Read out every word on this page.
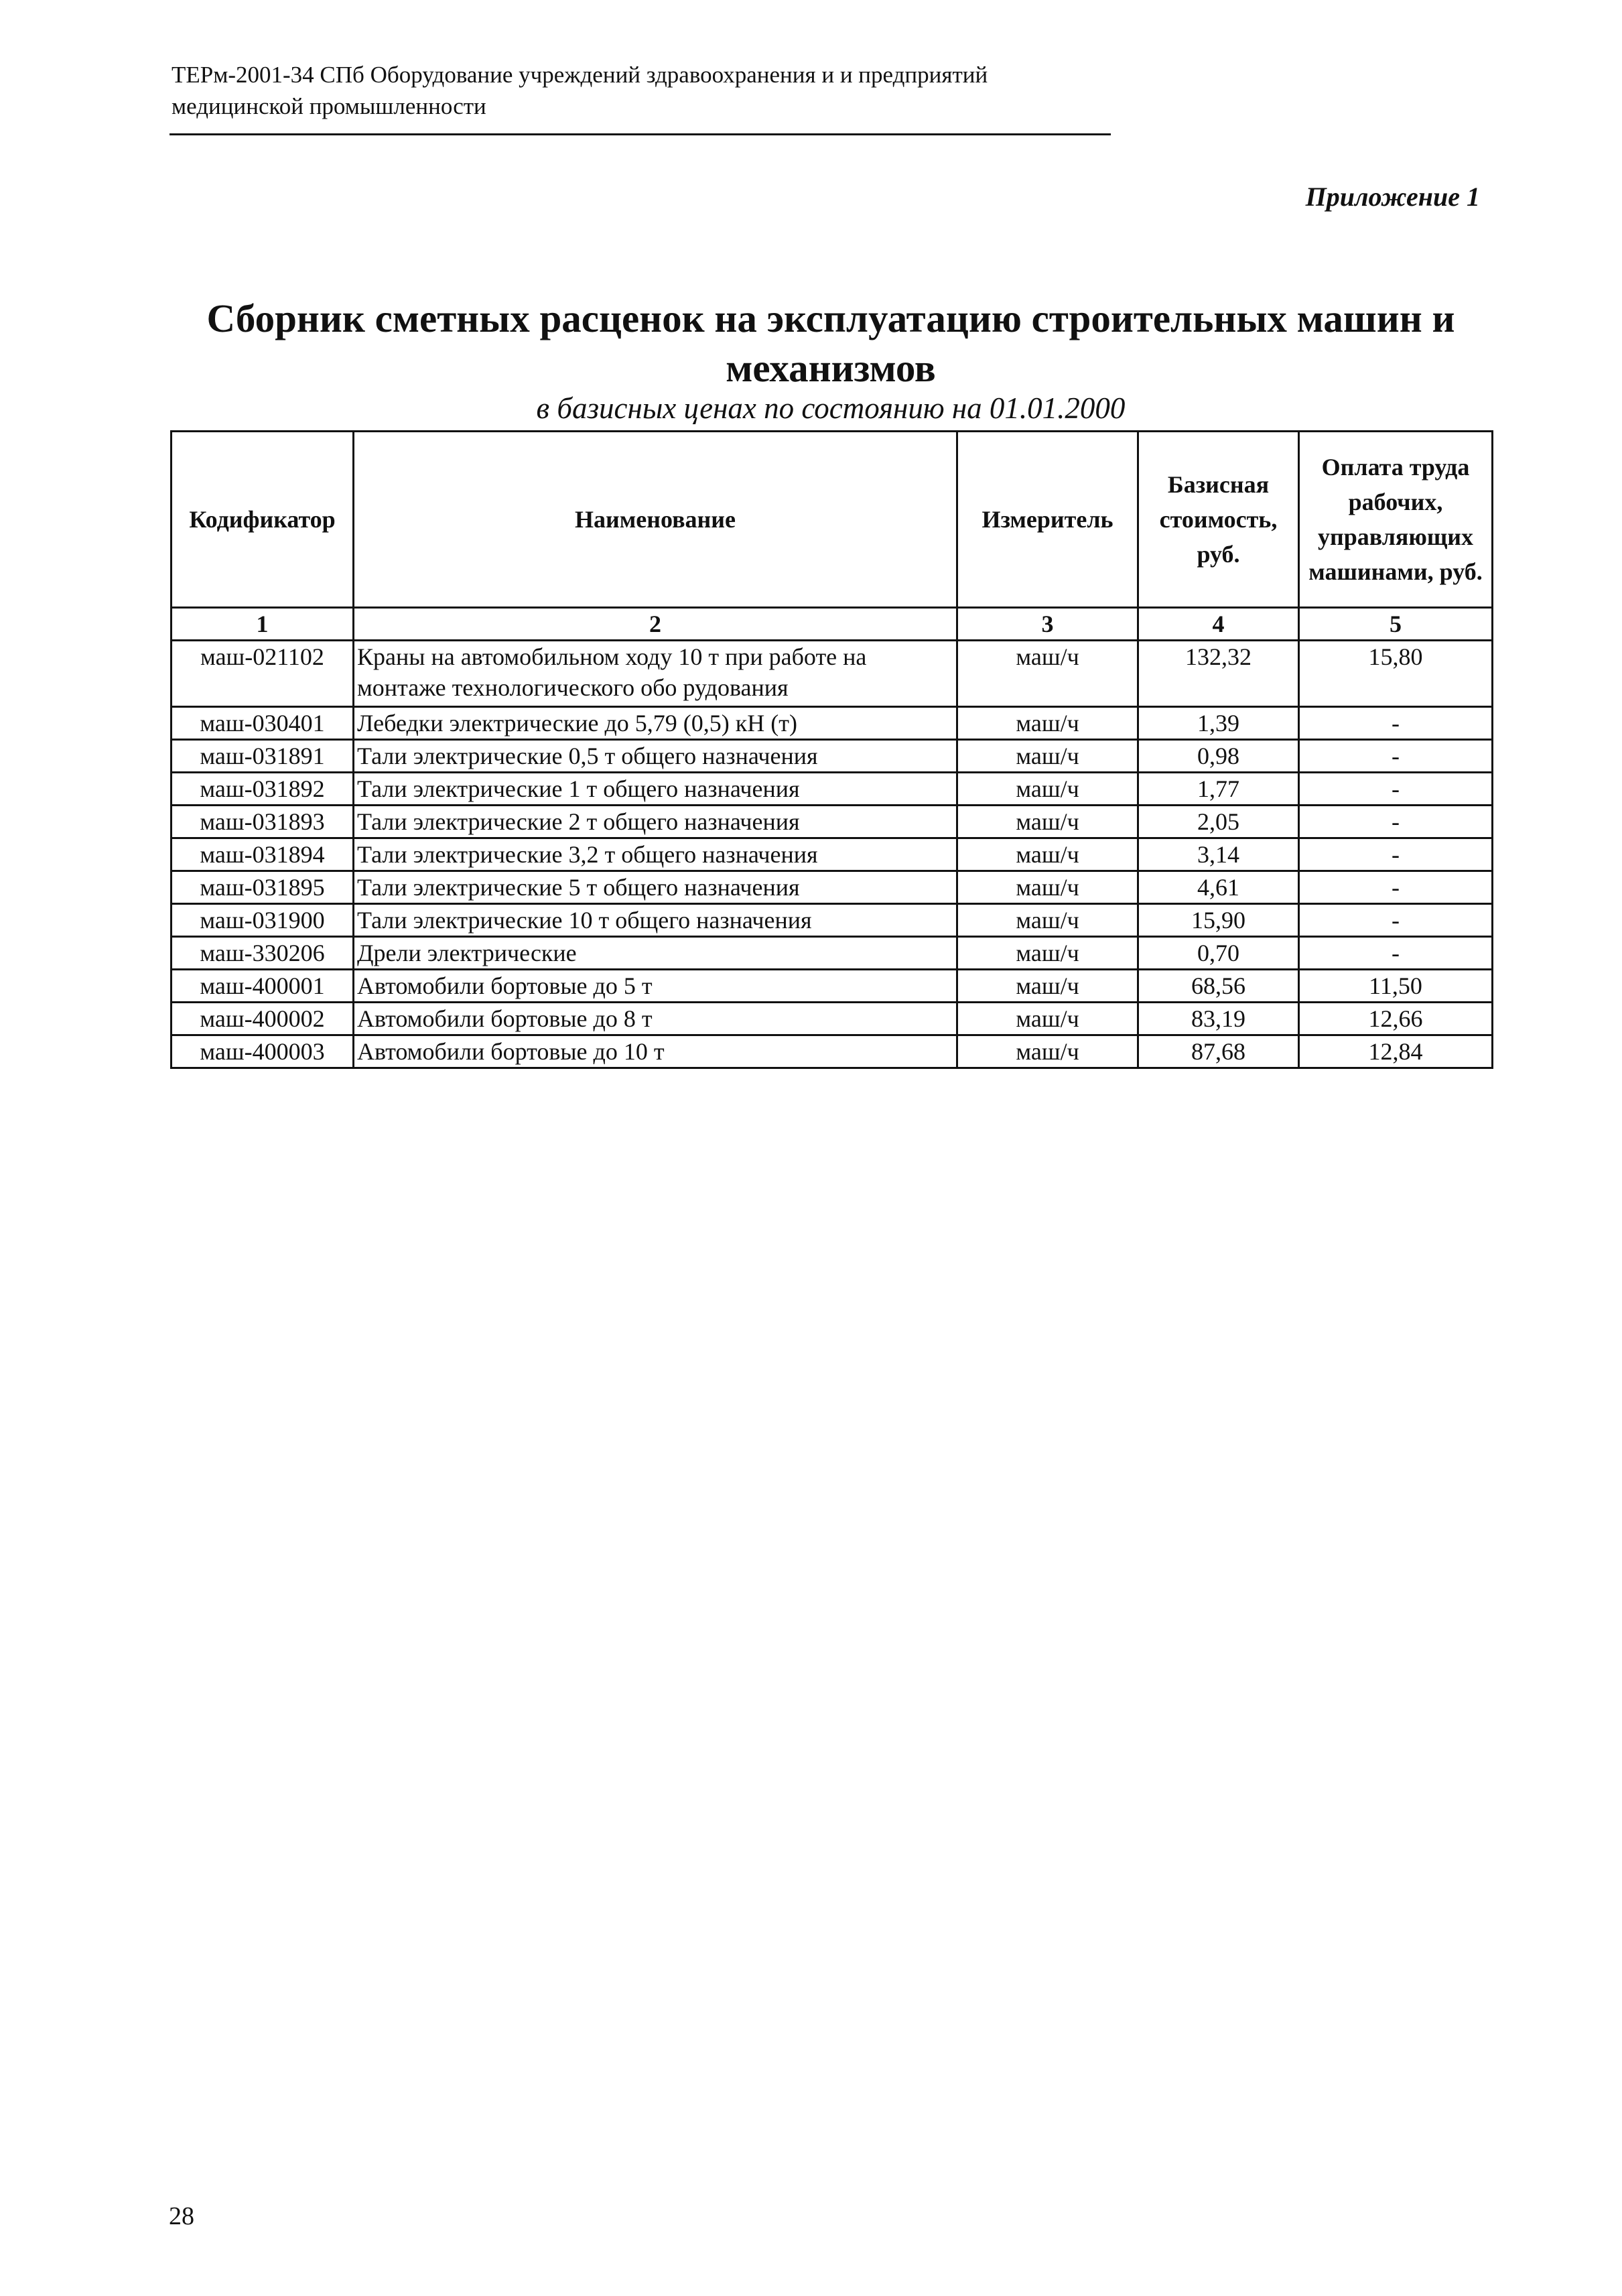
ТЕРм-2001-34 СПб Оборудование учреждений здравоохранения и и предприятий медицинской промышленности
Приложение 1
Сборник сметных расценок на эксплуатацию строительных машин и механизмов
в базисных ценах по состоянию на 01.01.2000
Кодификатор	Наименование	Измеритель	Базисная стоимость, руб.	Оплата труда рабочих, управляющих машинами, руб.
1	2	3	4	5
маш-021102	Краны на автомобильном ходу 10 т при работе на монтаже технологического обо рудования	маш/ч	132,32	15,80
маш-030401	Лебедки электрические до 5,79 (0,5) кН (т)	маш/ч	1,39	-
маш-031891	Тали электрические 0,5 т общего назначения	маш/ч	0,98	-
маш-031892	Тали электрические 1 т общего назначения	маш/ч	1,77	-
маш-031893	Тали электрические 2 т общего назначения	маш/ч	2,05	-
маш-031894	Тали электрические 3,2 т общего назначения	маш/ч	3,14	-
маш-031895	Тали электрические 5 т общего назначения	маш/ч	4,61	-
маш-031900	Тали электрические 10 т общего назначения	маш/ч	15,90	-
маш-330206	Дрели электрические	маш/ч	0,70	-
маш-400001	Автомобили бортовые до 5 т	маш/ч	68,56	11,50
маш-400002	Автомобили бортовые до 8 т	маш/ч	83,19	12,66
маш-400003	Автомобили бортовые до 10 т	маш/ч	87,68	12,84
28
